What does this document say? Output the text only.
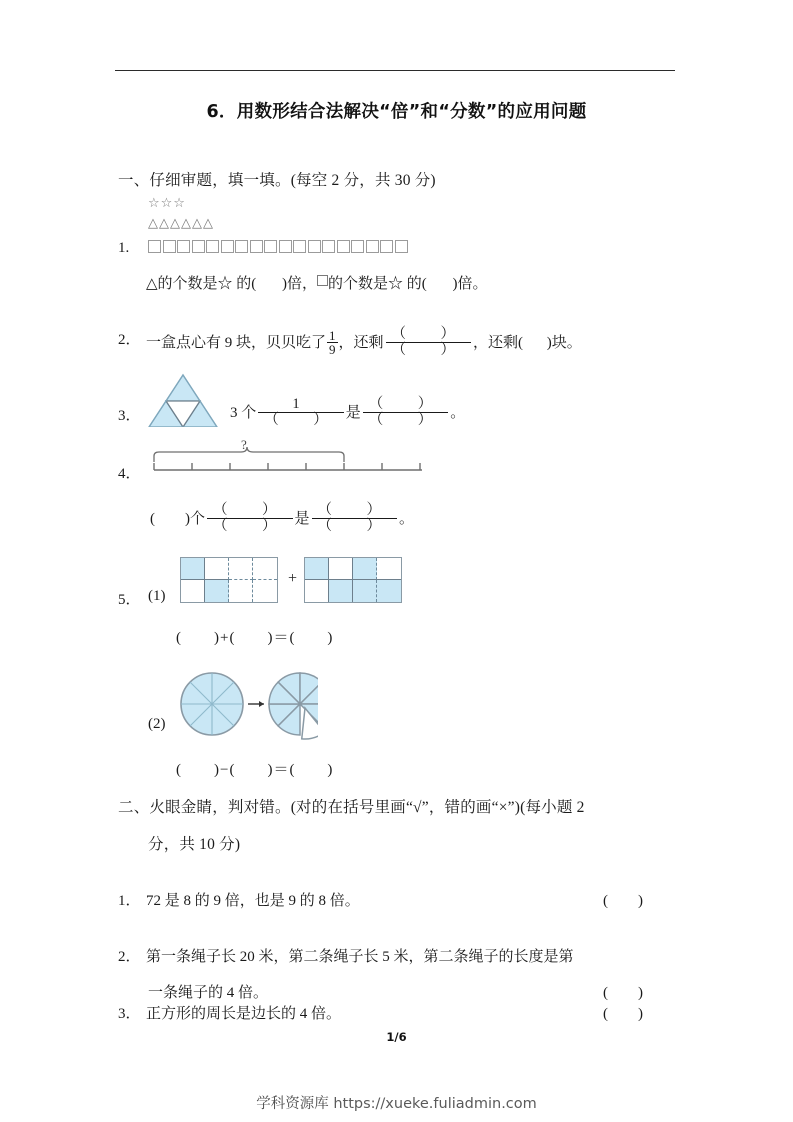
6．用数形结合法解决“倍”和“分数”的应用问题
一、仔细审题，填一填。(每空 2 分，共 30 分)
☆☆☆
△△△△△△
1.
△的个数是☆ 的( )倍， 的个数是☆ 的( )倍。
2． 一盒点心有 9 块，贝贝吃了 $\frac{1}{9}$ ，还剩 $\frac{( )}{( )}$ ，还剩( )块。
3．	3 个 $\frac{1}{( )}$ 是 $\frac{( )}{( )}$ 。
4．
?
(　　)个 $\frac{( )}{( )}$ 是 $\frac{( )}{( )}$ 。
5． (1)
+
(　　)+(　　)＝(　　)
(2)
(　　)−(　　)＝(　　)
二、火眼金睛，判对错。(对的在括号里画“√”，错的画“×”)(每小题 2
分，共 10 分)
1． 72 是 8 的 9 倍，也是 9 的 8 倍。	(　　)
2． 第一条绳子长 20 米，第二条绳子长 5 米，第二条绳子的长度是第
一条绳子的 4 倍。	(　　)
3． 正方形的周长是边长的 4 倍。	(　　)
1/6
学科资源库 https://xueke.fuliadmin.com
